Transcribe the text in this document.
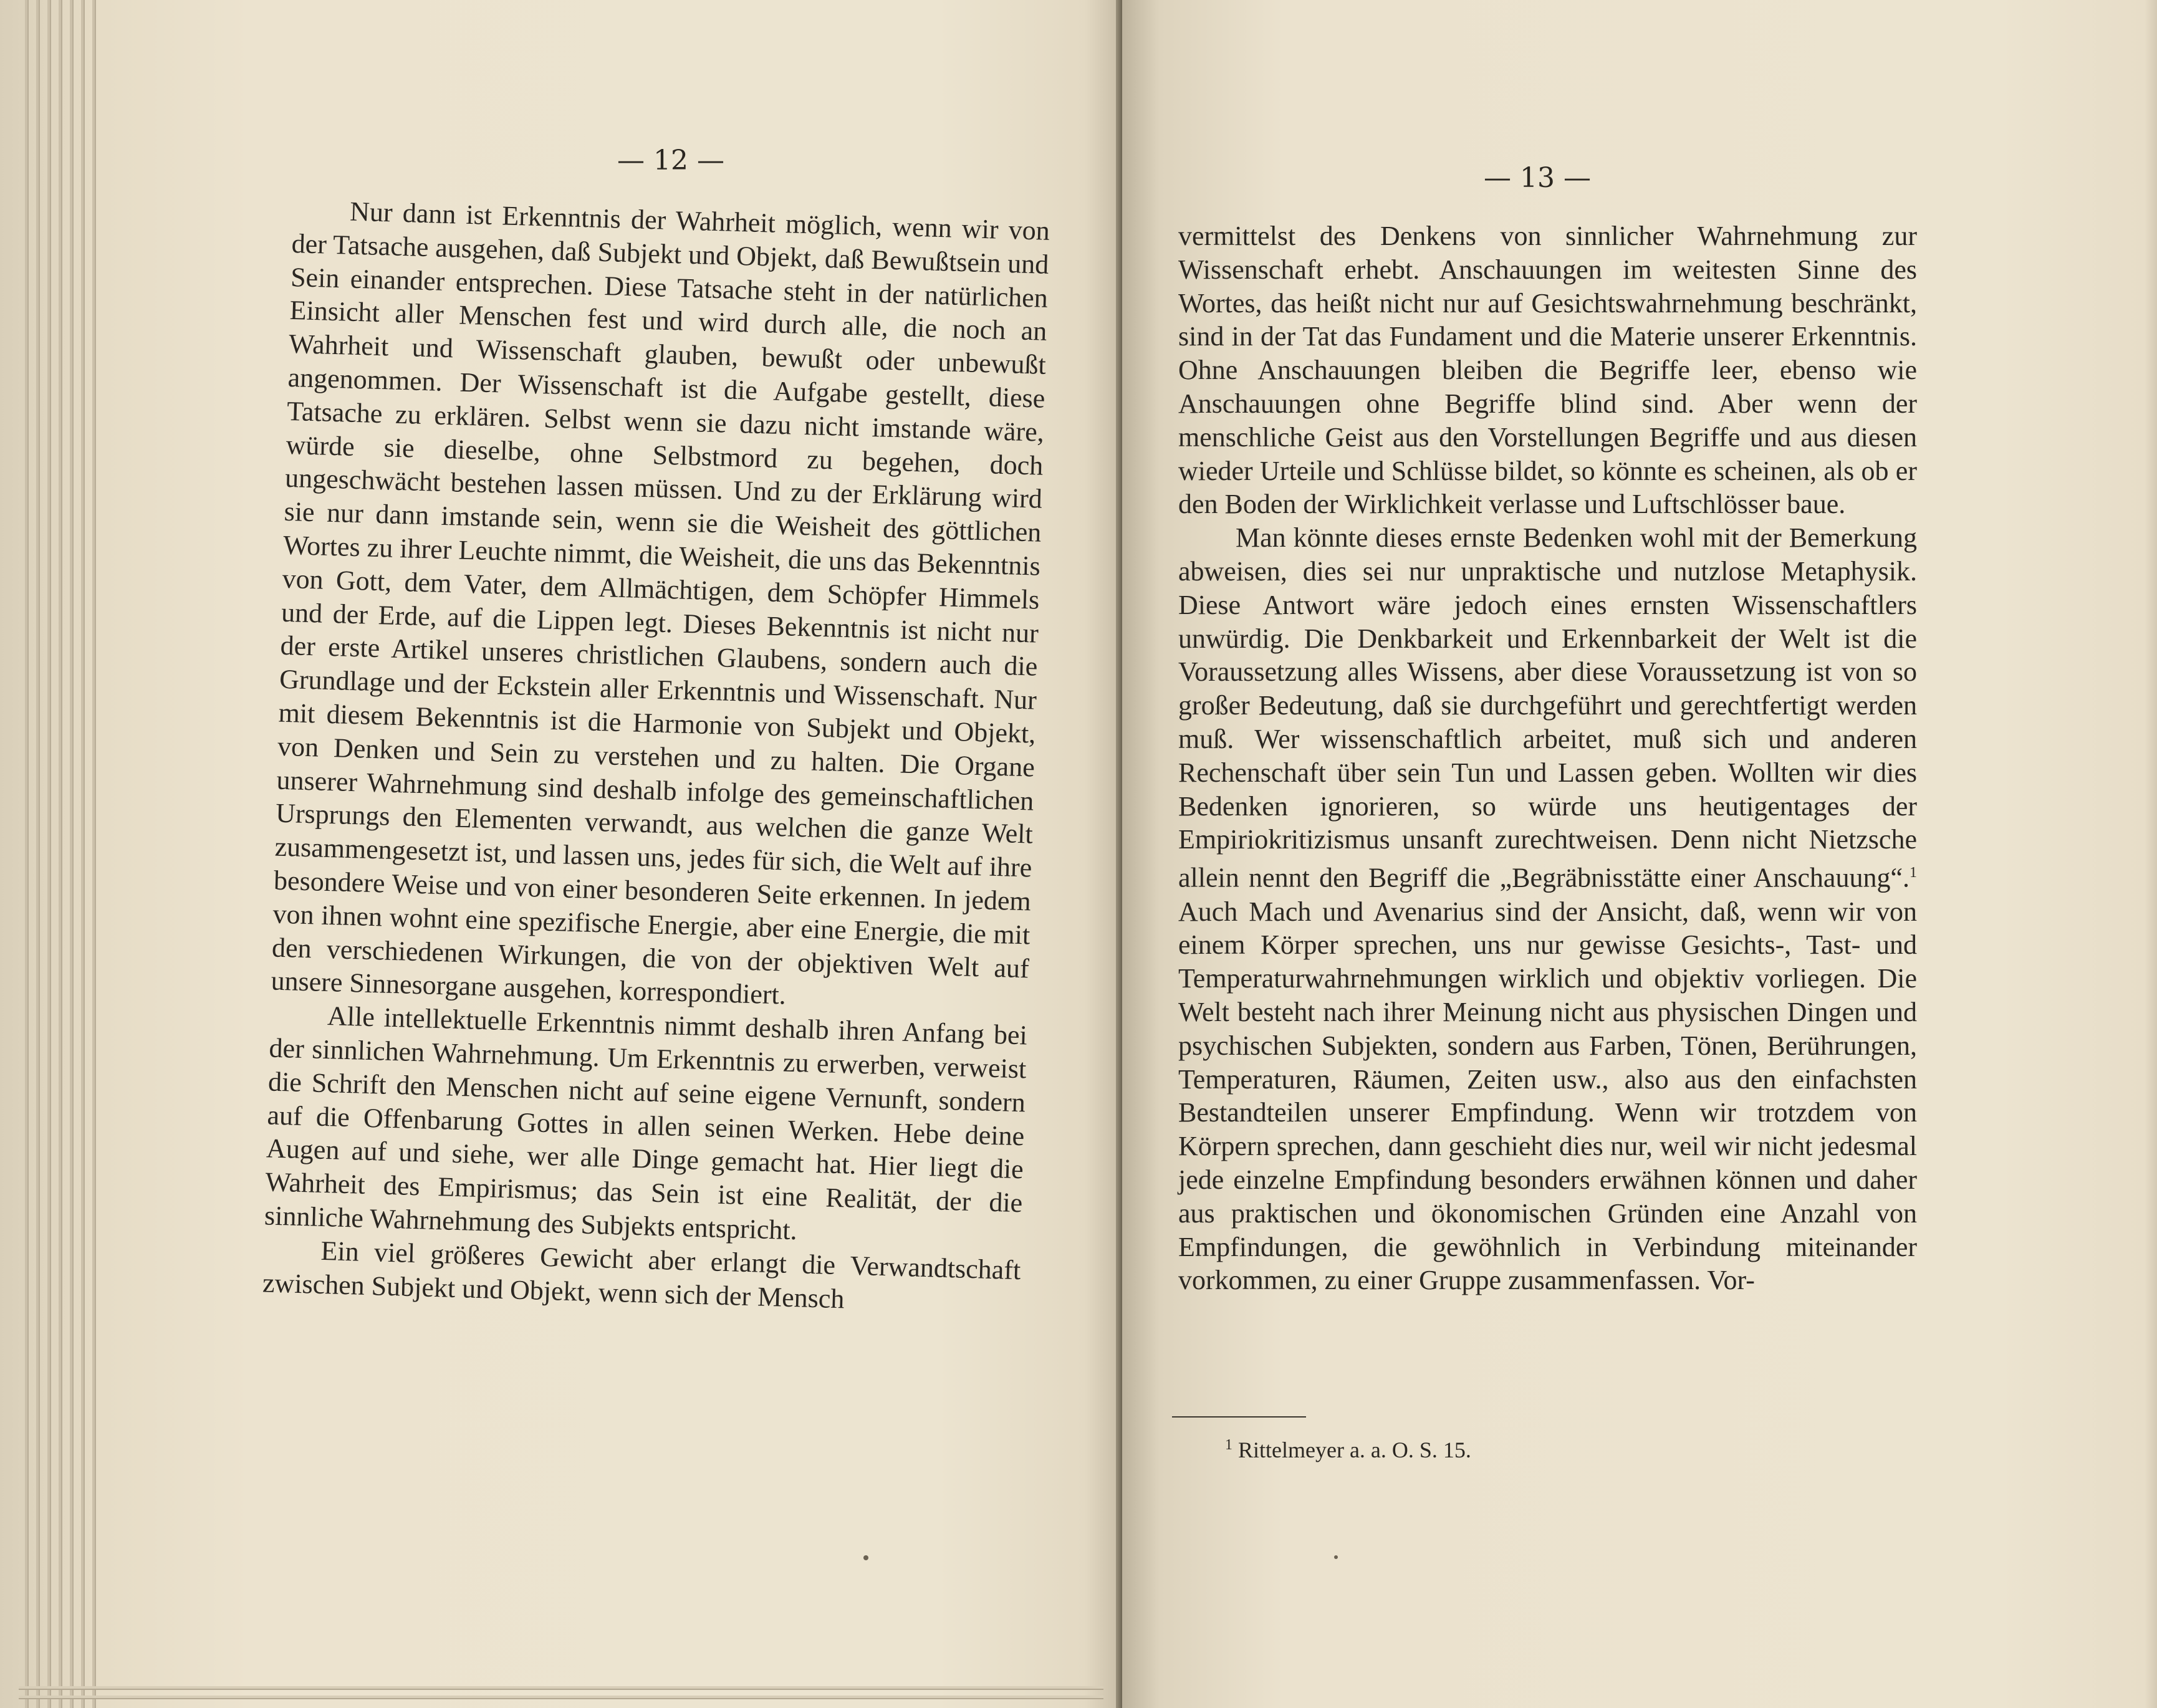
— 12 —

Nur dann ist Erkenntnis der Wahrheit möglich, wenn wir von der Tatsache ausgehen, daß Subjekt und Objekt, daß Bewußtsein und Sein einander entsprechen. Diese Tatsache steht in der natürlichen Einsicht aller Menschen fest und wird durch alle, die noch an Wahrheit und Wissenschaft glauben, bewußt oder unbewußt angenommen. Der Wissenschaft ist die Aufgabe gestellt, diese Tatsache zu erklären. Selbst wenn sie dazu nicht imstande wäre, würde sie dieselbe, ohne Selbstmord zu begehen, doch ungeschwächt bestehen lassen müssen. Und zu der Erklärung wird sie nur dann imstande sein, wenn sie die Weisheit des göttlichen Wortes zu ihrer Leuchte nimmt, die Weisheit, die uns das Bekenntnis von Gott, dem Vater, dem Allmächtigen, dem Schöpfer Himmels und der Erde, auf die Lippen legt. Dieses Bekenntnis ist nicht nur der erste Artikel unseres christlichen Glaubens, sondern auch die Grundlage und der Eckstein aller Erkenntnis und Wissenschaft. Nur mit diesem Bekenntnis ist die Harmonie von Subjekt und Objekt, von Denken und Sein zu verstehen und zu halten. Die Organe unserer Wahrnehmung sind deshalb infolge des gemeinschaftlichen Ursprungs den Elementen verwandt, aus welchen die ganze Welt zusammengesetzt ist, und lassen uns, jedes für sich, die Welt auf ihre besondere Weise und von einer besonderen Seite erkennen. In jedem von ihnen wohnt eine spezifische Energie, aber eine Energie, die mit den verschiedenen Wirkungen, die von der objektiven Welt auf unsere Sinnesorgane ausgehen, korrespondiert.

Alle intellektuelle Erkenntnis nimmt deshalb ihren Anfang bei der sinnlichen Wahrnehmung. Um Erkenntnis zu erwerben, verweist die Schrift den Menschen nicht auf seine eigene Vernunft, sondern auf die Offenbarung Gottes in allen seinen Werken. Hebe deine Augen auf und siehe, wer alle Dinge gemacht hat. Hier liegt die Wahrheit des Empirismus; das Sein ist eine Realität, der die sinnliche Wahrnehmung des Subjekts entspricht.

Ein viel größeres Gewicht aber erlangt die Verwandtschaft zwischen Subjekt und Objekt, wenn sich der Mensch

— 13 —

vermittelst des Denkens von sinnlicher Wahrnehmung zur Wissenschaft erhebt. Anschauungen im weitesten Sinne des Wortes, das heißt nicht nur auf Gesichtswahrnehmung beschränkt, sind in der Tat das Fundament und die Materie unserer Erkenntnis. Ohne Anschauungen bleiben die Begriffe leer, ebenso wie Anschauungen ohne Begriffe blind sind. Aber wenn der menschliche Geist aus den Vorstellungen Begriffe und aus diesen wieder Urteile und Schlüsse bildet, so könnte es scheinen, als ob er den Boden der Wirklichkeit verlasse und Luftschlösser baue.

Man könnte dieses ernste Bedenken wohl mit der Bemerkung abweisen, dies sei nur unpraktische und nutzlose Metaphysik. Diese Antwort wäre jedoch eines ernsten Wissenschaftlers unwürdig. Die Denkbarkeit und Erkennbarkeit der Welt ist die Voraussetzung alles Wissens, aber diese Voraussetzung ist von so großer Bedeutung, daß sie durchgeführt und gerechtfertigt werden muß. Wer wissenschaftlich arbeitet, muß sich und anderen Rechenschaft über sein Tun und Lassen geben. Wollten wir dies Bedenken ignorieren, so würde uns heutigentages der Empiriokritizismus unsanft zurechtweisen. Denn nicht Nietzsche allein nennt den Begriff die „Begräbnisstätte einer Anschauung“.$^1$ Auch Mach und Avenarius sind der Ansicht, daß, wenn wir von einem Körper sprechen, uns nur gewisse Gesichts-, Tast- und Temperaturwahrnehmungen wirklich und objektiv vorliegen. Die Welt besteht nach ihrer Meinung nicht aus physischen Dingen und psychischen Subjekten, sondern aus Farben, Tönen, Berührungen, Temperaturen, Räumen, Zeiten usw., also aus den einfachsten Bestandteilen unserer Empfindung. Wenn wir trotzdem von Körpern sprechen, dann geschieht dies nur, weil wir nicht jedesmal jede einzelne Empfindung besonders erwähnen können und daher aus praktischen und ökonomischen Gründen eine Anzahl von Empfindungen, die gewöhnlich in Verbindung miteinander vorkommen, zu einer Gruppe zusammenfassen. Vor-

$^1$ Rittelmeyer a. a. O. S. 15.
